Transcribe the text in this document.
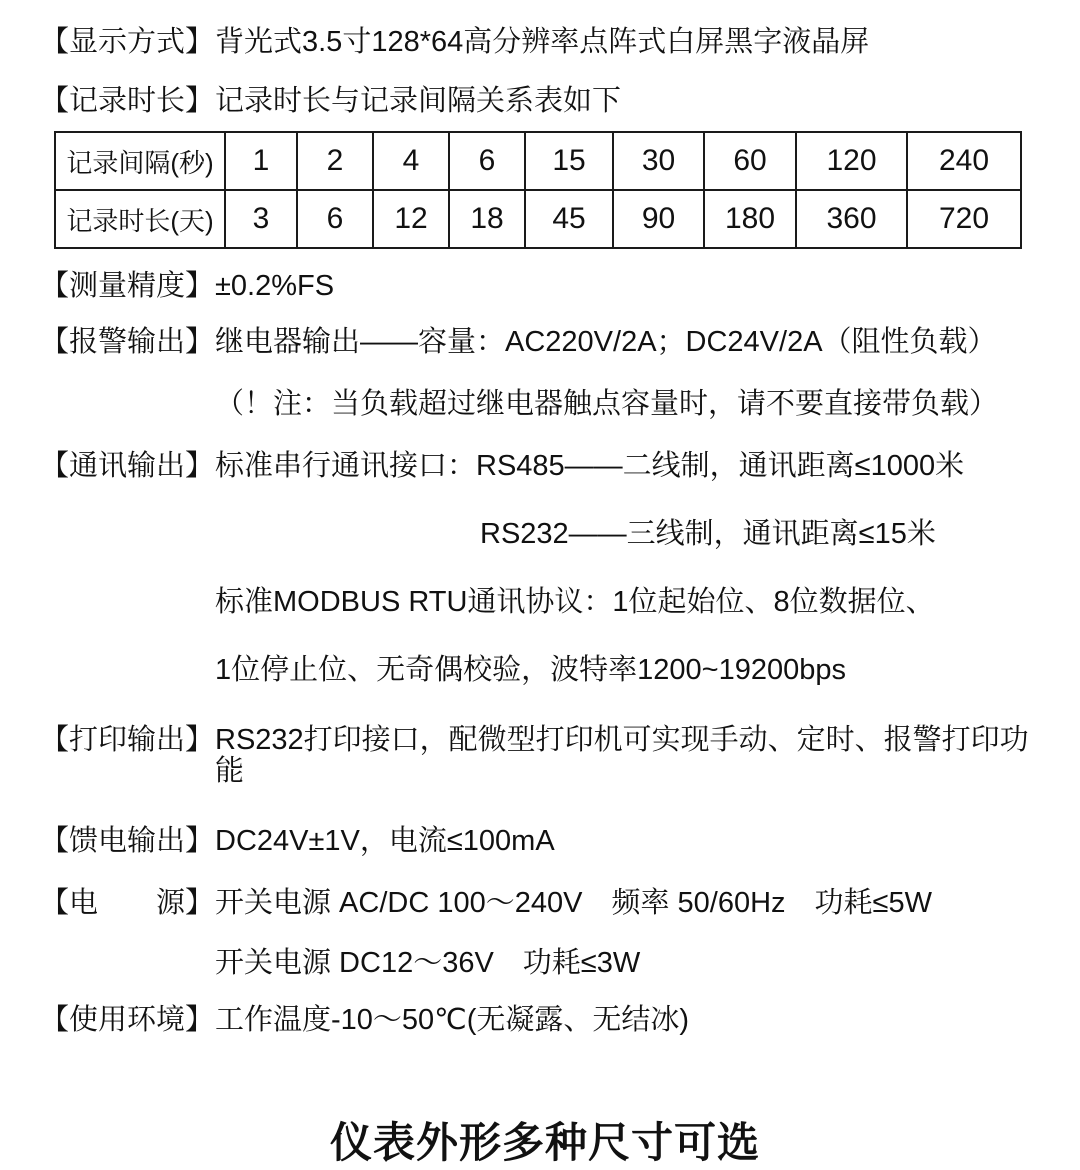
【显示方式】 背光式3.5寸128*64高分辨率点阵式白屏黑字液晶屏
【记录时长】 记录时长与记录间隔关系表如下
记录间隔(秒)	1	2	4	6	15	30	60	120	240
记录时长(天)	3	6	12	18	45	90	180	360	720
【测量精度】 ±0.2%FS
【报警输出】 继电器输出——容量：AC220V/2A；DC24V/2A（阻性负载）
（！注：当负载超过继电器触点容量时，请不要直接带负载）
【通讯输出】 标准串行通讯接口：RS485——二线制，通讯距离≤1000米
RS232——三线制，通讯距离≤15米
标准MODBUS RTU通讯协议：1位起始位、8位数据位、
1位停止位、无奇偶校验，波特率1200~19200bps
【打印输出】 RS232打印接口，配微型打印机可实现手动、定时、报警打印功能
【馈电输出】 DC24V±1V，电流≤100mA
【电　　源】 开关电源 AC/DC 100～240V　频率 50/60Hz　功耗≤5W
开关电源 DC12～36V　功耗≤3W
【使用环境】 工作温度-10～50℃(无凝露、无结冰)
仪表外形多种尺寸可选
